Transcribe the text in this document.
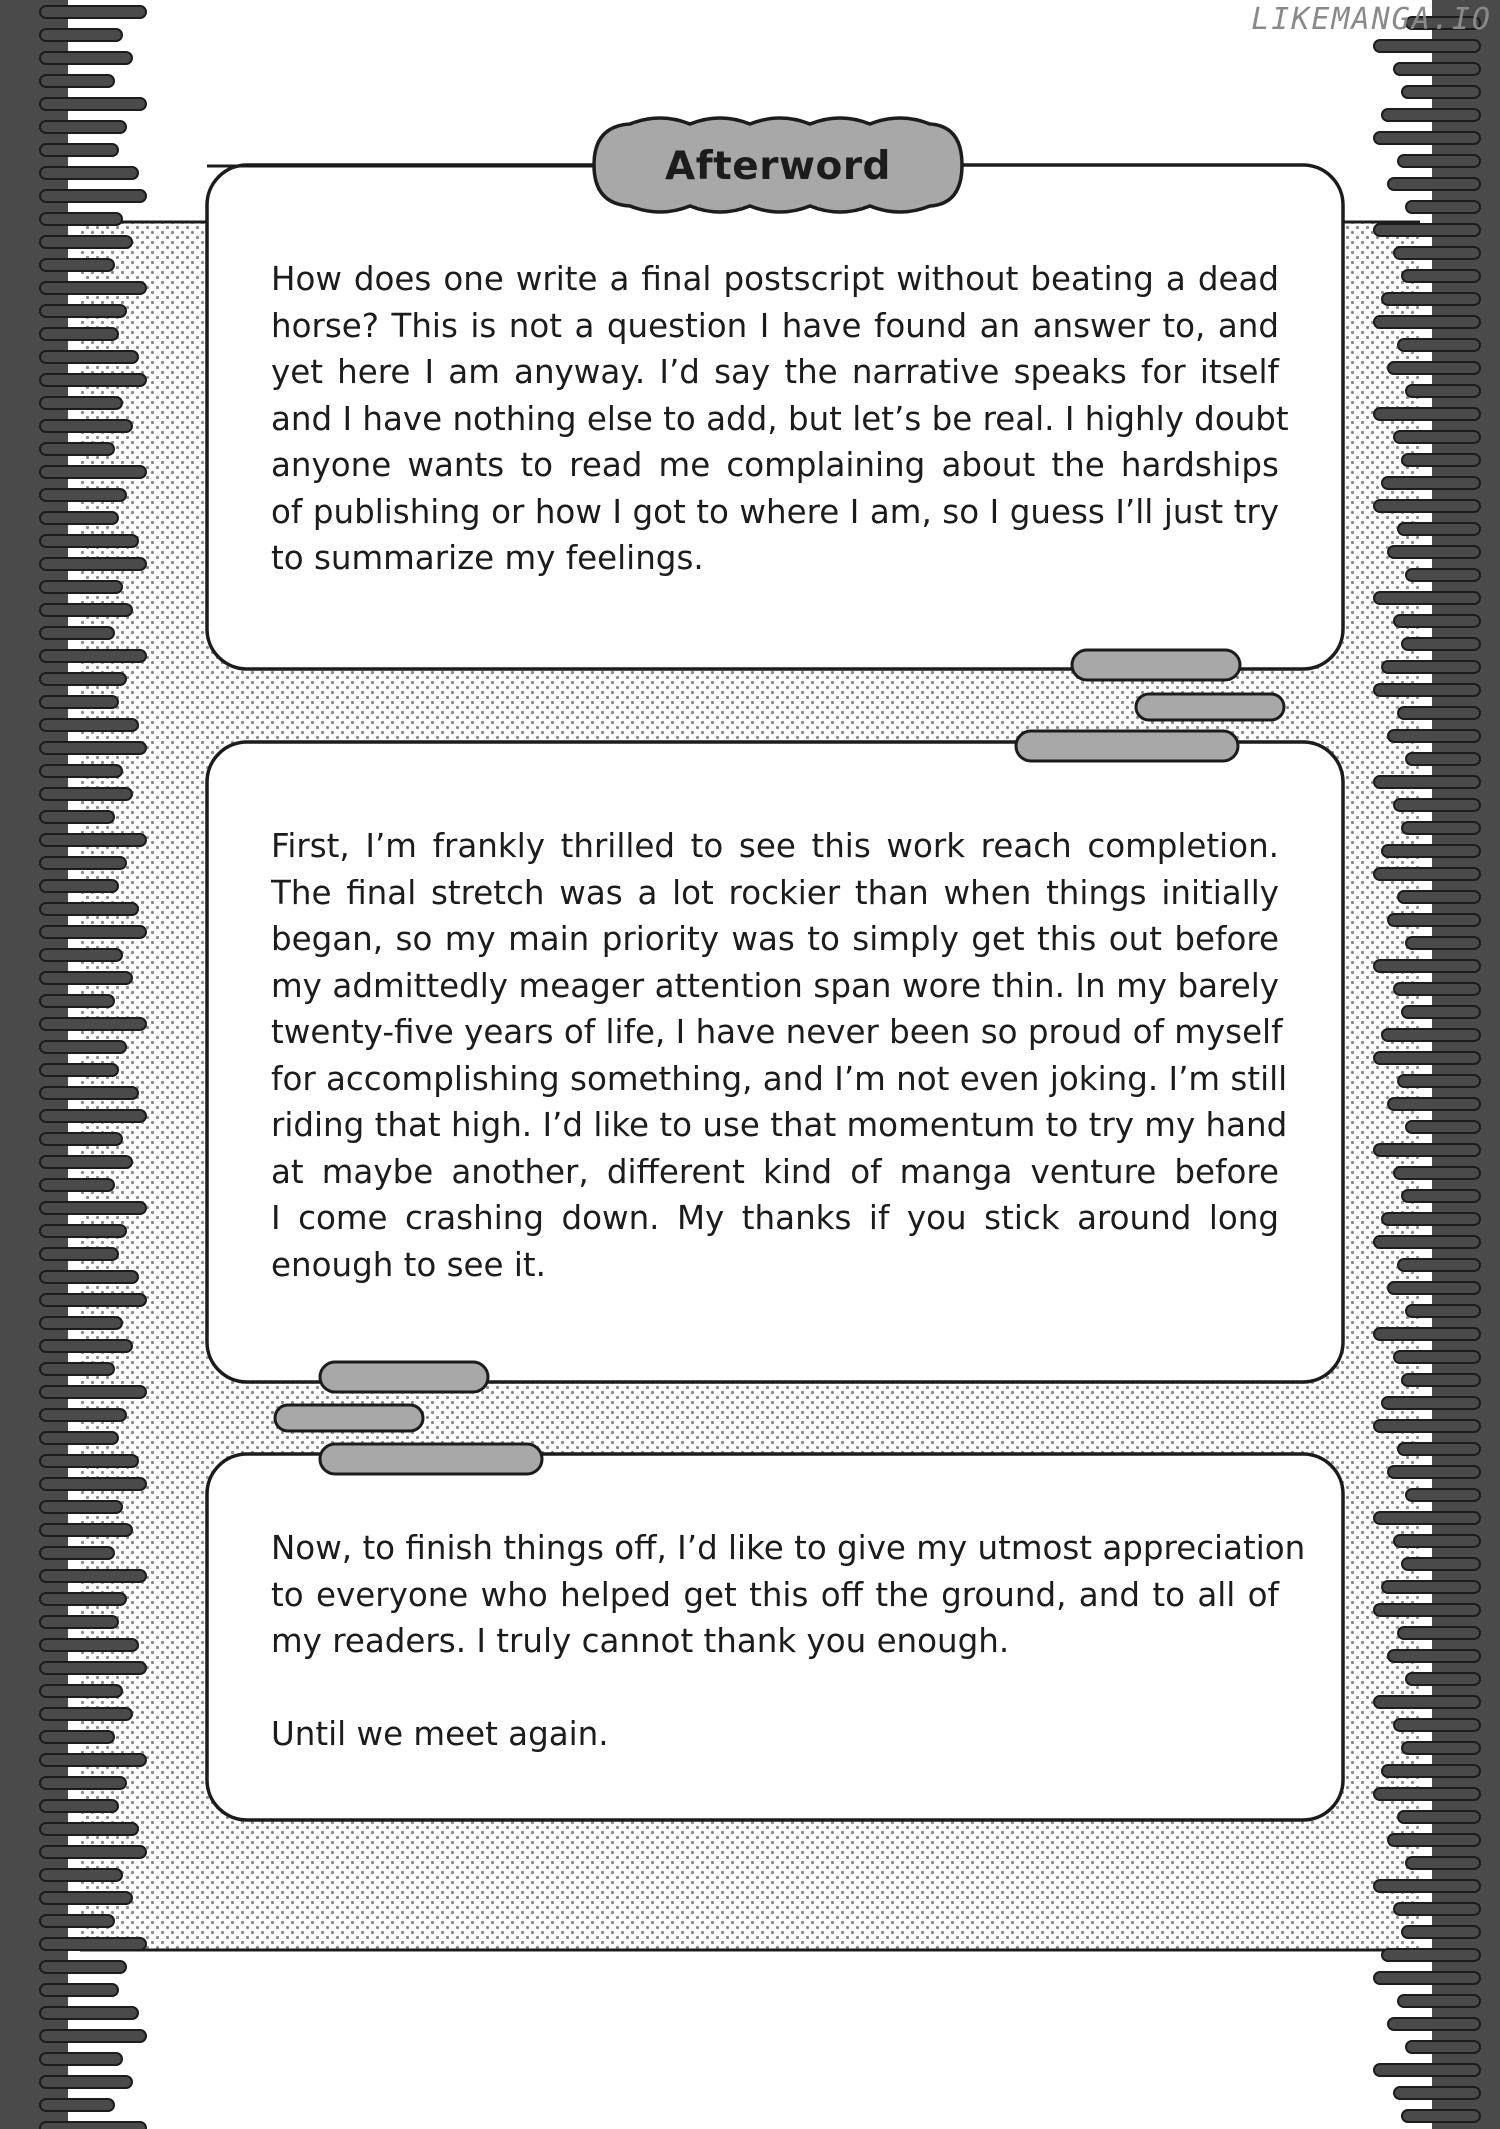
LIKEMANGA.IO
Afterword
How does one write a final postscript without beating a dead
horse? This is not a question I have found an answer to, and
yet here I am anyway. I’d say the narrative speaks for itself
and I have nothing else to add, but let’s be real. I highly doubt
anyone wants to read me complaining about the hardships
of publishing or how I got to where I am, so I guess I’ll just try
to summarize my feelings.
First, I’m frankly thrilled to see this work reach completion.
The final stretch was a lot rockier than when things initially
began, so my main priority was to simply get this out before
my admittedly meager attention span wore thin. In my barely
twenty-five years of life, I have never been so proud of myself
for accomplishing something, and I’m not even joking. I’m still
riding that high. I’d like to use that momentum to try my hand
at maybe another, different kind of manga venture before
I come crashing down. My thanks if you stick around long
enough to see it.
Now, to finish things off, I’d like to give my utmost appreciation
to everyone who helped get this off the ground, and to all of
my readers. I truly cannot thank you enough.
Until we meet again.
